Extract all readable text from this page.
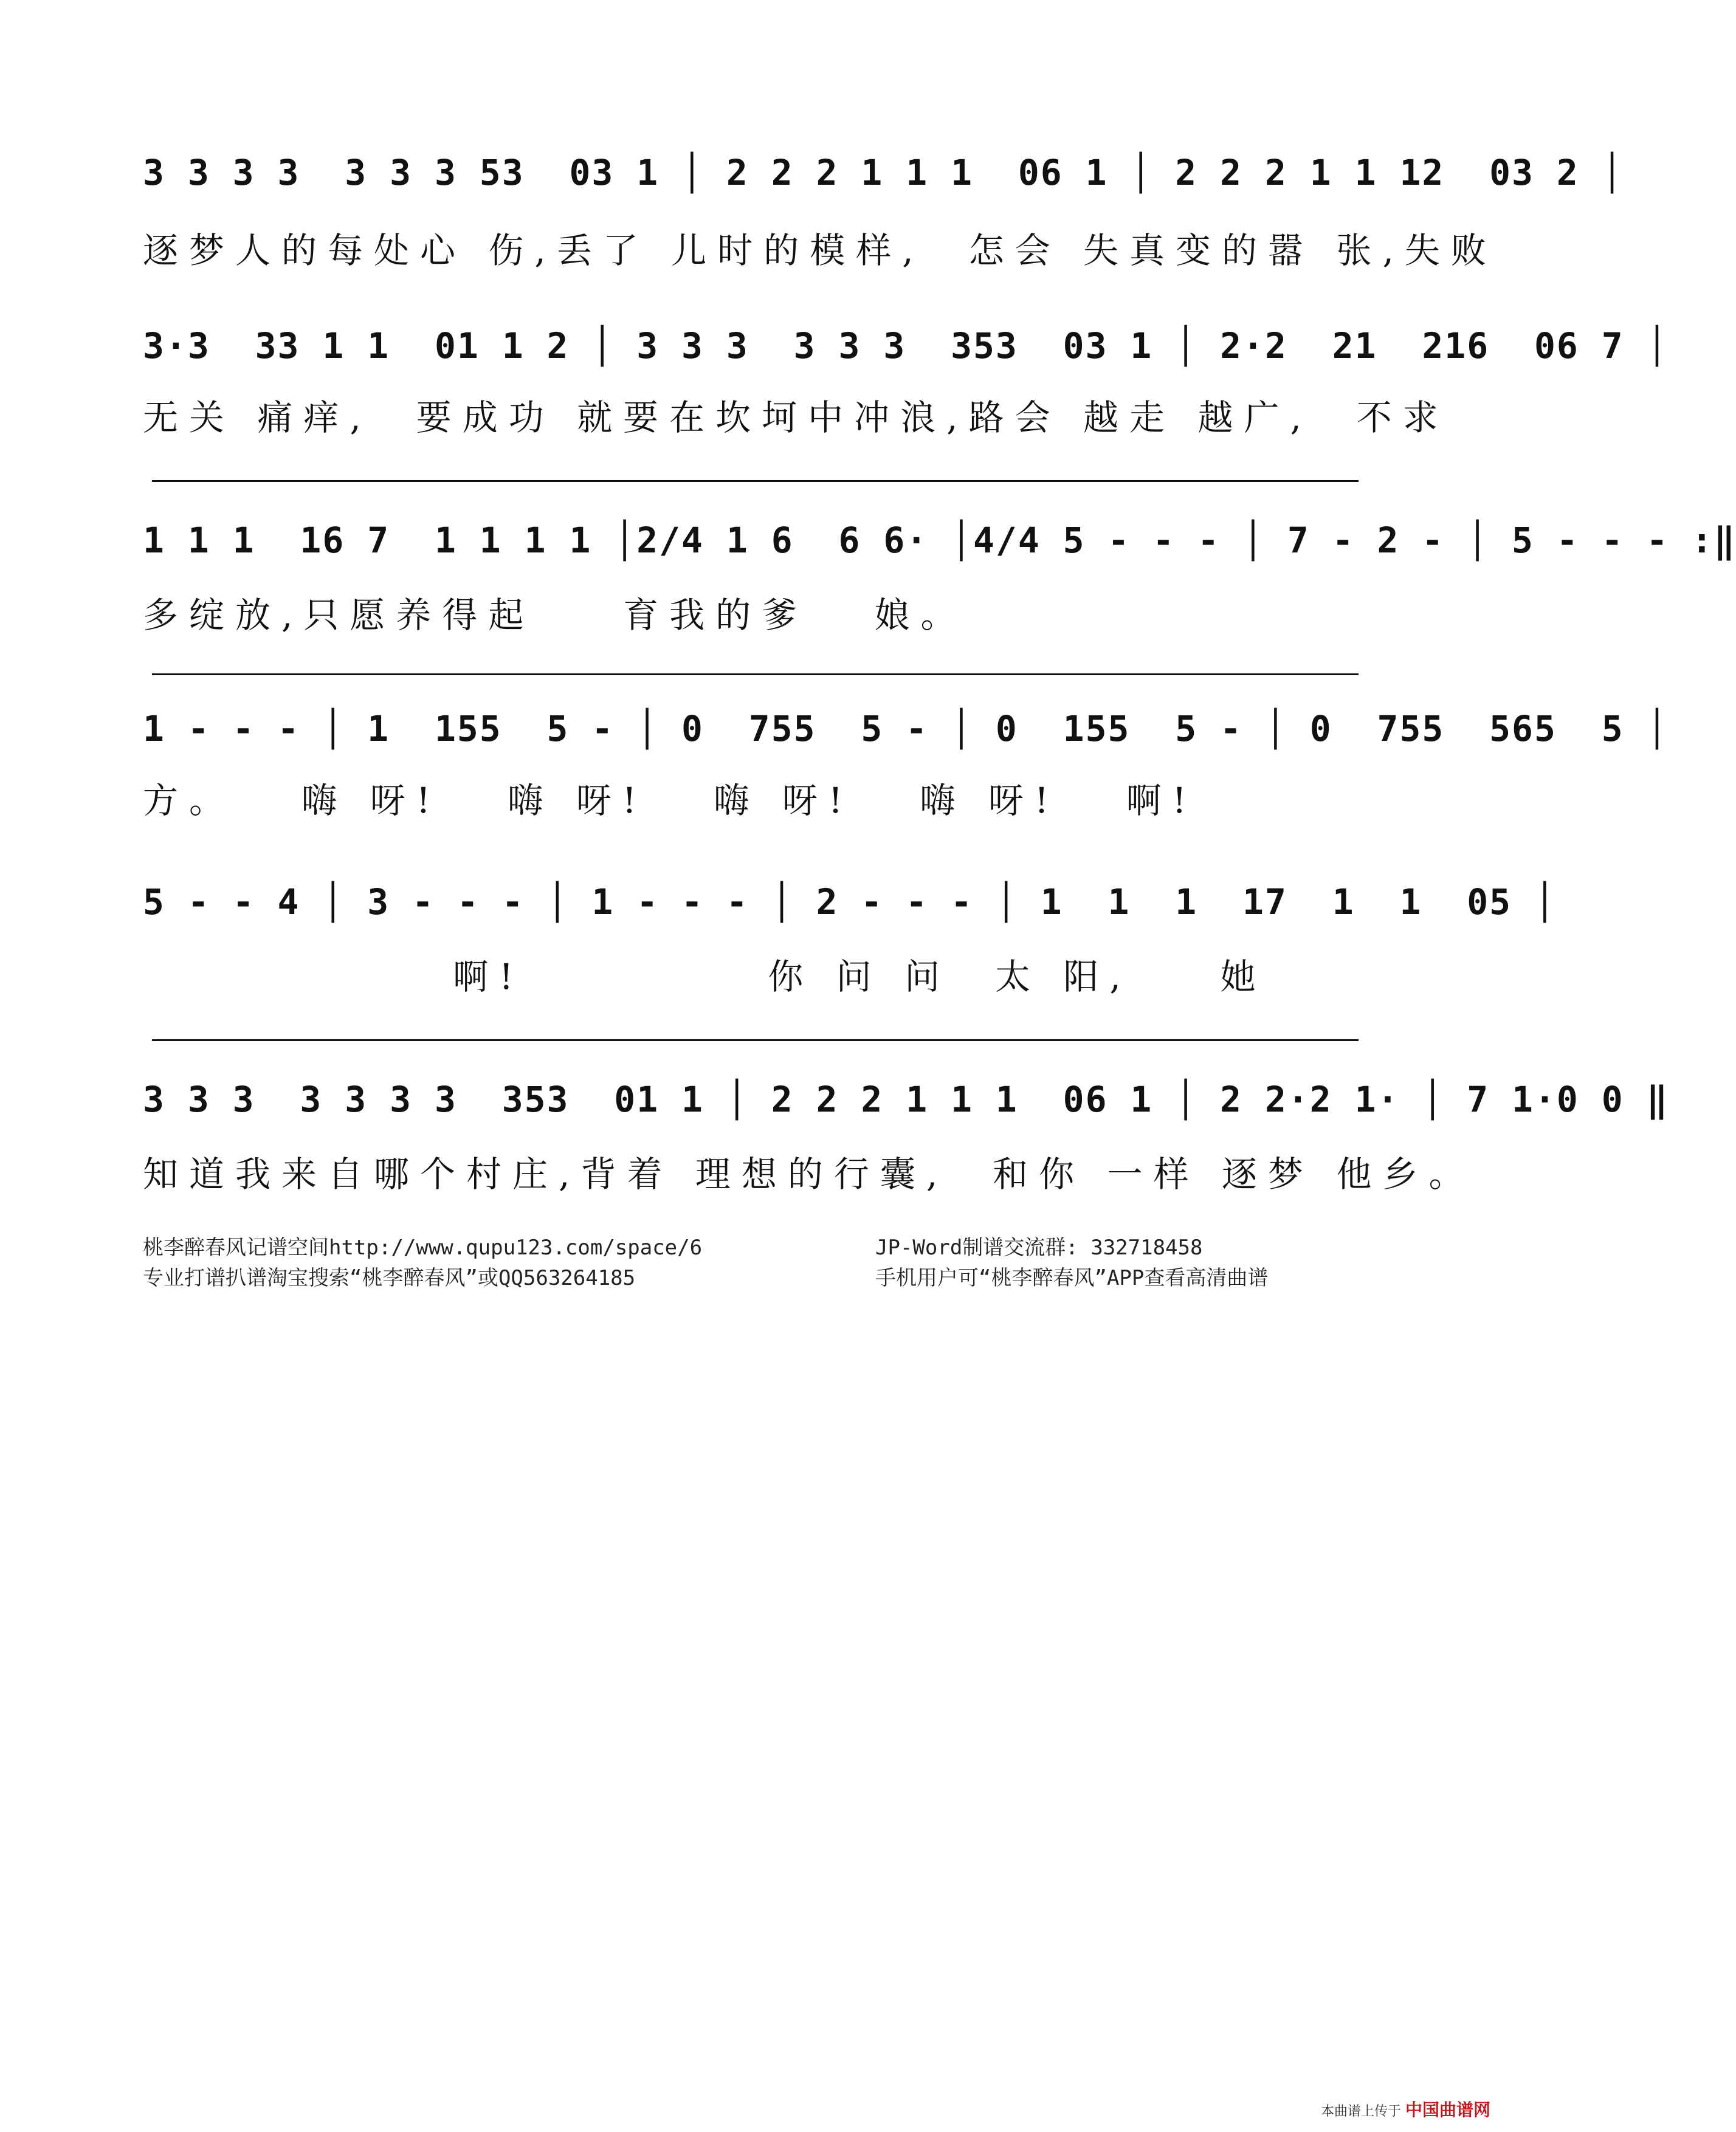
3 3 3 3  3 3 3 53  03 1 │ 2 2 2 1 1 1  06 1 │ 2 2 2 1 1 12  03 2 │
逐梦人的每处心 伤,丢了 儿时的模样,  怎会 失真变的嚣 张,失败
3·3  33 1 1  01 1 2 │ 3 3 3  3 3 3  353  03 1 │ 2·2  21  216  06 7 │
无关 痛痒,  要成功 就要在坎坷中冲浪,路会 越走 越广,  不求
1 1 1  16 7  1 1 1 1 │2/4 1 6  6 6· │4/4 5 - - - │ 7 - 2 - │ 5 - - - :‖
多绽放,只愿养得起    育我的爹   娘。
1 - - - │ 1  155  5 - │ 0  755  5 - │ 0  155  5 - │ 0  755  565  5 │
方。   嗨 呀!   嗨 呀!   嗨 呀!   嗨 呀!   啊!
5 - - 4 │ 3 - - - │ 1 - - - │ 2 - - - │ 1  1  1  17  1  1  05 │
啊!           你 问 问  太 阳,    她
3 3 3  3 3 3 3  353  01 1 │ 2 2 2 1 1 1  06 1 │ 2 2·2 1· │ 7 1·0 0 ‖
知道我来自哪个村庄,背着 理想的行囊,  和你 一样 逐梦 他乡。
桃李醉春风记谱空间http://www.qupu123.com/space/6
专业打谱扒谱淘宝搜索“桃李醉春风”或QQ563264185
JP-Word制谱交流群: 332718458
手机用户可“桃李醉春风”APP查看高清曲谱
本曲谱上传于 中国曲谱网
